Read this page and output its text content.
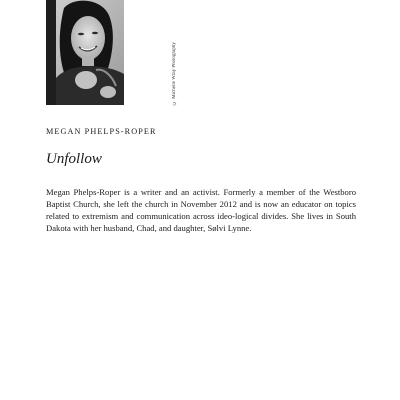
© Michelle Wray Photography
MEGAN PHELPS-ROPER
Unfollow

Megan Phelps-Roper is a writer and an activist. Formerly a member of the Westboro Baptist Church, she left the church in November 2012 and is now an educator on topics related to extremism and communication across ideo-logical divides. She lives in South Dakota with her husband, Chad, and daughter, Sølvi Lynne.
